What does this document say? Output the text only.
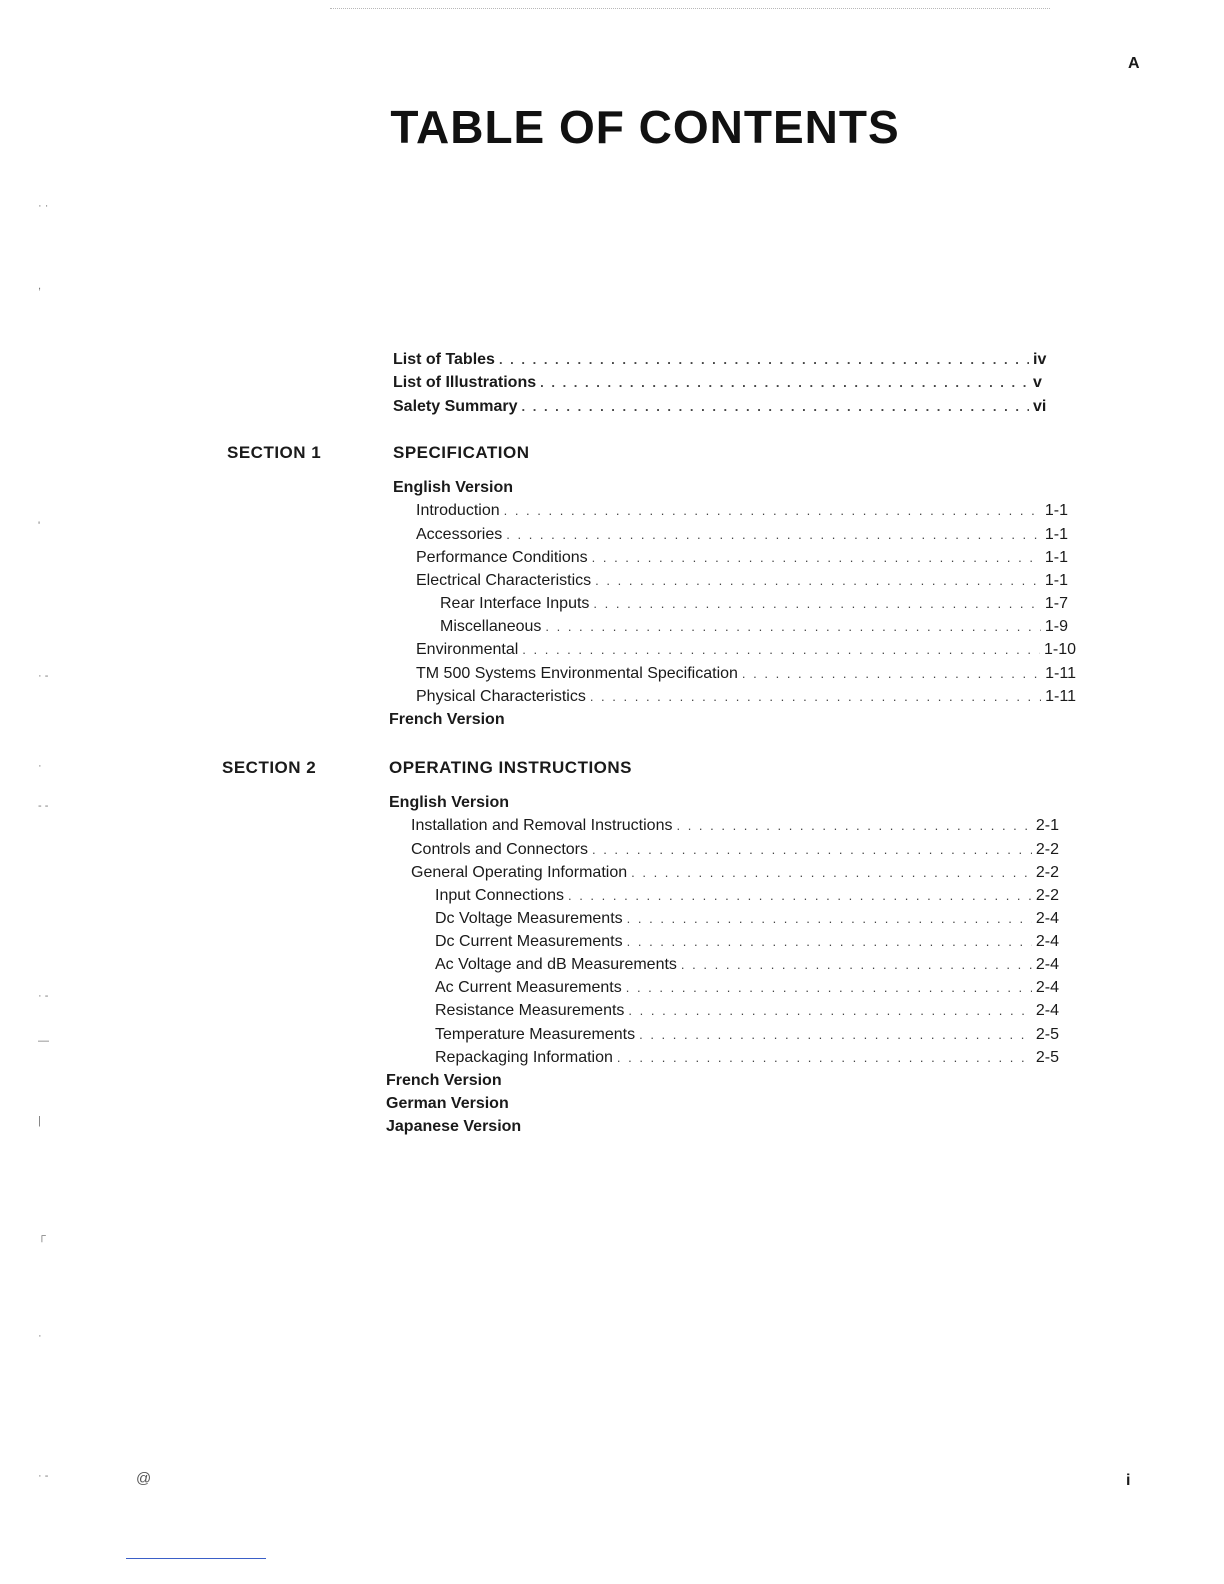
A
TABLE OF CONTENTS
List of Tables . . .	iv
List of Illustrations . . .	v
Salety Summary . . .	vi
SECTION 1	SPECIFICATION
English Version
Introduction . . .	1-1
Accessories . . .	1-1
Performance Conditions . . .	1-1
Electrical Characteristics . . .	1-1
Rear Interface Inputs . . .	1-7
Miscellaneous . . .	1-9
Environmental . . .	1-10
TM 500 Systems Environmental Specification . . .	1-11
Physical Characteristics . . .	1-11
French Version
SECTION 2	OPERATING INSTRUCTIONS
English Version
Installation and Removal Instructions . . .	2-1
Controls and Connectors . . .	2-2
General Operating Information . . .	2-2
Input Connections . . .	2-2
Dc Voltage Measurements . . .	2-4
Dc Current Measurements . . .	2-4
Ac Voltage and dB Measurements . . .	2-4
Ac Current Measurements . . .	2-4
Resistance Measurements . . .	2-4
Temperature Measurements . . .	2-5
Repackaging Information . . .	2-5
French Version
German Version
Japanese Version
· ·
,
'
· -
·
- -
· -
—
|
┌
·
· -	@	i
